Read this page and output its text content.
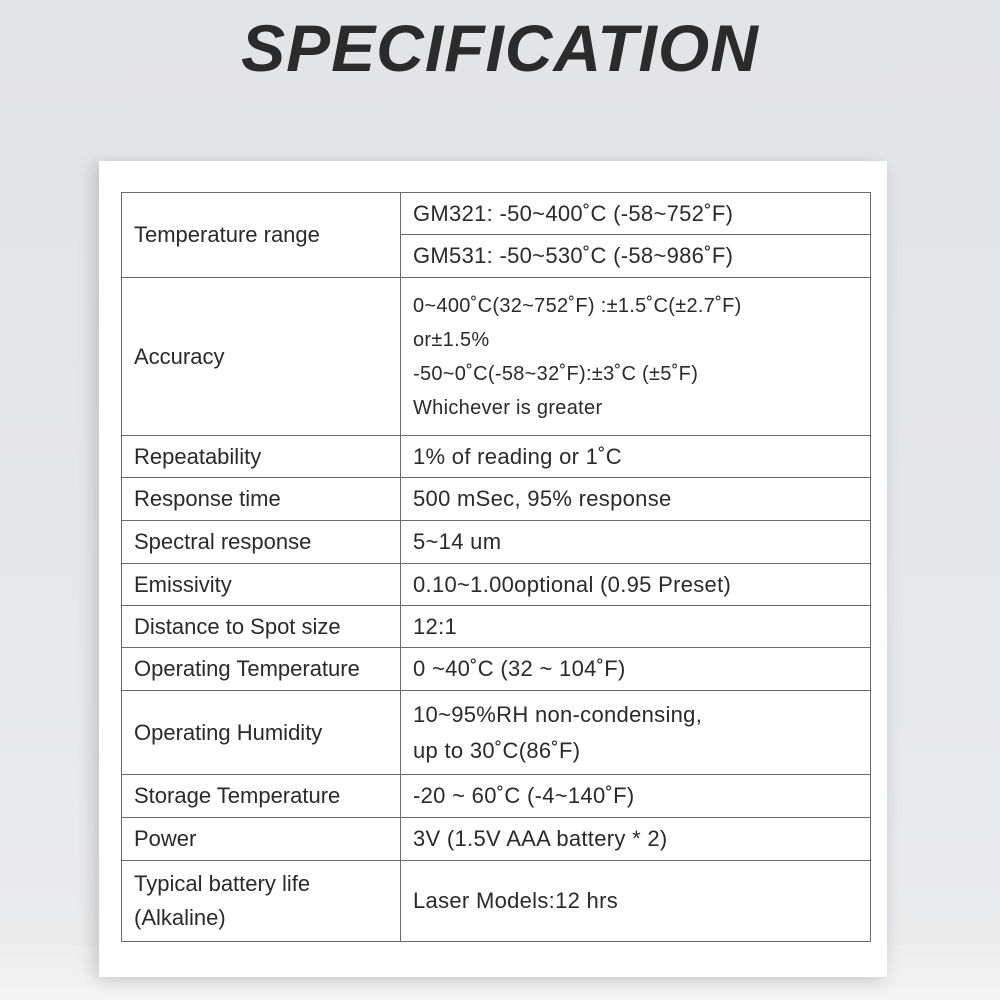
SPECIFICATION
Temperature range	GM321: -50~400˚C (-58~752˚F)
	GM531: -50~530˚C (-58~986˚F)
Accuracy	0~400˚C(32~752˚F) :±1.5˚C(±2.7˚F)
or±1.5%
-50~0˚C(-58~32˚F):±3˚C (±5˚F)
Whichever is greater

Repeatability	1% of reading or 1˚C
Response time	500 mSec, 95% response
Spectral response	5~14 um
Emissivity	0.10~1.00optional (0.95 Preset)
Distance to Spot size	12:1
Operating Temperature	0 ~40˚C (32 ~ 104˚F)
Operating Humidity	10~95%RH non-condensing,
up to 30˚C(86˚F)

Storage Temperature	-20 ~ 60˚C (-4~140˚F)
Power	3V (1.5V AAA battery * 2)

Typical battery life
(Alkaline)	Laser Models:12 hrs
